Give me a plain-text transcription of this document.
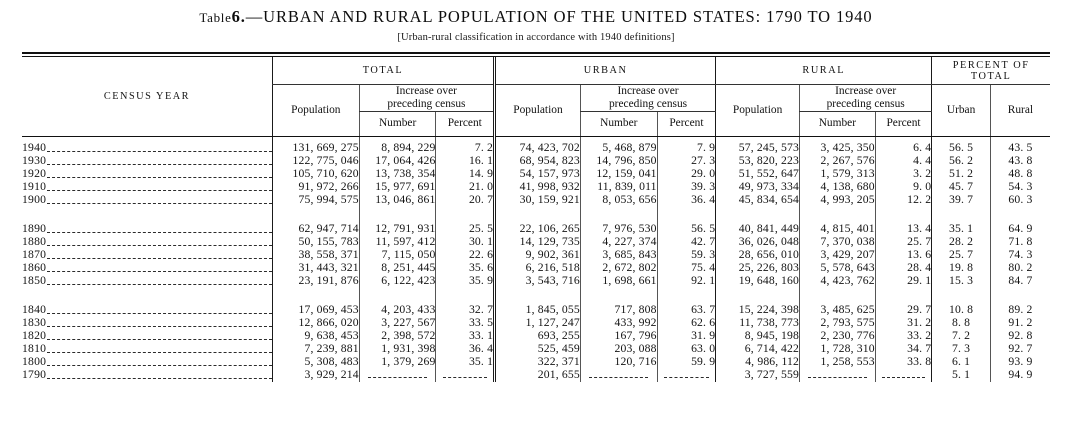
Table6.—URBAN AND RURAL POPULATION OF THE UNITED STATES: 1790 TO 1940
[Urban-rural classification in accordance with 1940 definitions]
CENSUS YEAR	TOTAL			URBAN			RURAL			PERCENT OF TOTAL	
	Population	Increase over
preceding census		Population	Increase over
preceding census		Population	Increase over
preceding census		Urban	Rural
		Number	Percent		Number	Percent		Number	Percent		

1940	131, 669, 275	8, 894, 229	7. 2	74, 423, 702	5, 468, 879	7. 9	57, 245, 573	3, 425, 350	6. 4	56. 5	43. 5

1930	122, 775, 046	17, 064, 426	16. 1	68, 954, 823	14, 796, 850	27. 3	53, 820, 223	2, 267, 576	4. 4	56. 2	43. 8

1920	105, 710, 620	13, 738, 354	14. 9	54, 157, 973	12, 159, 041	29. 0	51, 552, 647	1, 579, 313	3. 2	51. 2	48. 8

1910	91, 972, 266	15, 977, 691	21. 0	41, 998, 932	11, 839, 011	39. 3	49, 973, 334	4, 138, 680	9. 0	45. 7	54. 3

1900	75, 994, 575	13, 046, 861	20. 7	30, 159, 921	8, 053, 656	36. 4	45, 834, 654	4, 993, 205	12. 2	39. 7	60. 3

1890	62, 947, 714	12, 791, 931	25. 5	22, 106, 265	7, 976, 530	56. 5	40, 841, 449	4, 815, 401	13. 4	35. 1	64. 9

1880	50, 155, 783	11, 597, 412	30. 1	14, 129, 735	4, 227, 374	42. 7	36, 026, 048	7, 370, 038	25. 7	28. 2	71. 8

1870	38, 558, 371	7, 115, 050	22. 6	9, 902, 361	3, 685, 843	59. 3	28, 656, 010	3, 429, 207	13. 6	25. 7	74. 3

1860	31, 443, 321	8, 251, 445	35. 6	6, 216, 518	2, 672, 802	75. 4	25, 226, 803	5, 578, 643	28. 4	19. 8	80. 2

1850	23, 191, 876	6, 122, 423	35. 9	3, 543, 716	1, 698, 661	92. 1	19, 648, 160	4, 423, 762	29. 1	15. 3	84. 7

1840	17, 069, 453	4, 203, 433	32. 7	1, 845, 055	717, 808	63. 7	15, 224, 398	3, 485, 625	29. 7	10. 8	89. 2

1830	12, 866, 020	3, 227, 567	33. 5	1, 127, 247	433, 992	62. 6	11, 738, 773	2, 793, 575	31. 2	8. 8	91. 2

1820	9, 638, 453	2, 398, 572	33. 1	693, 255	167, 796	31. 9	8, 945, 198	2, 230, 776	33. 2	7. 2	92. 8

1810	7, 239, 881	1, 931, 398	36. 4	525, 459	203, 088	63. 0	6, 714, 422	1, 728, 310	34. 7	7. 3	92. 7

1800	5, 308, 483	1, 379, 269	35. 1	322, 371	120, 716	59. 9	4, 986, 112	1, 258, 553	33. 8	6. 1	93. 9

1790	3, 929, 214			201, 655			3, 727, 559			5. 1	94. 9
